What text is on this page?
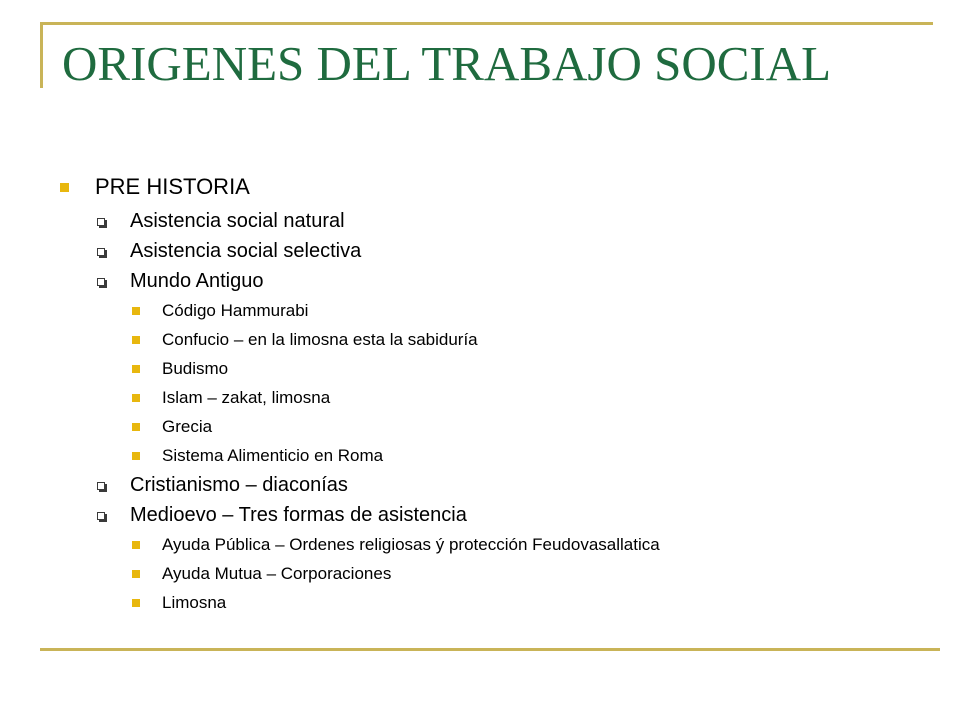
ORIGENES DEL TRABAJO SOCIAL
PRE HISTORIA
Asistencia social natural
Asistencia social selectiva
Mundo Antiguo
Código Hammurabi
Confucio – en la limosna esta la sabiduría
Budismo
Islam – zakat, limosna
Grecia
Sistema Alimenticio en Roma
Cristianismo – diaconías
Medioevo – Tres formas de asistencia
Ayuda Pública – Ordenes religiosas ý protección Feudovasallatica
Ayuda Mutua – Corporaciones
Limosna
